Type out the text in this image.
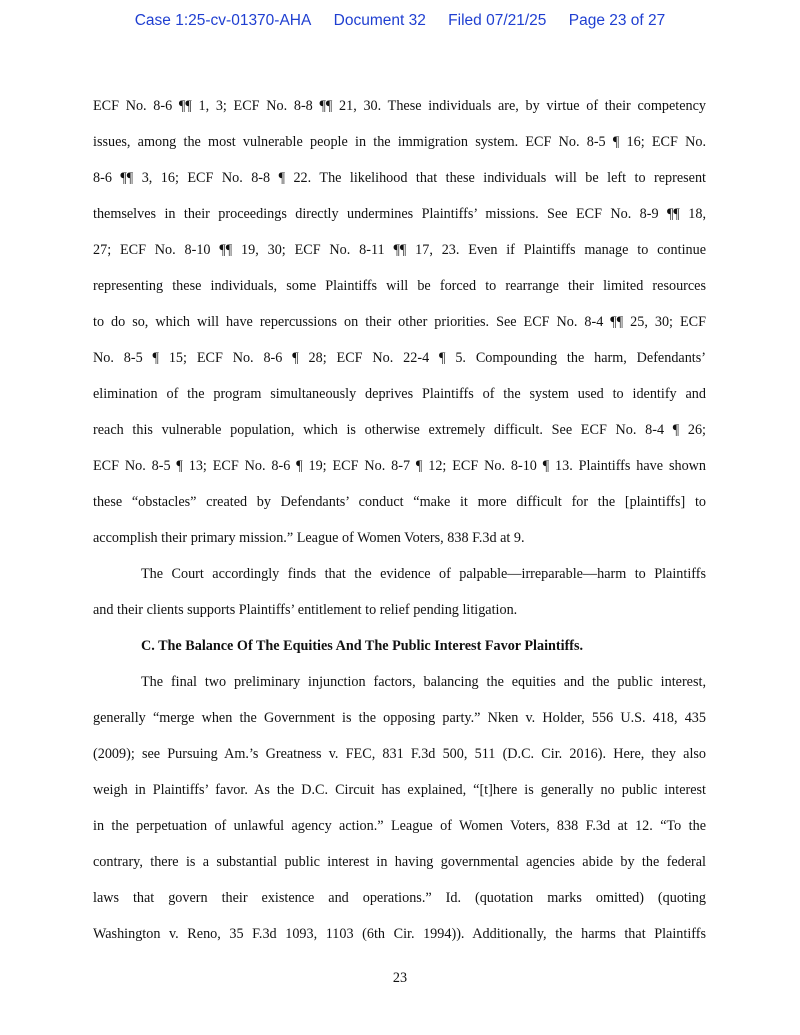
Case 1:25-cv-01370-AHA Document 32 Filed 07/21/25 Page 23 of 27
ECF No. 8-6 ¶¶ 1, 3; ECF No. 8-8 ¶¶ 21, 30. These individuals are, by virtue of their competency
issues, among the most vulnerable people in the immigration system. ECF No. 8-5 ¶ 16; ECF No.
8-6 ¶¶ 3, 16; ECF No. 8-8 ¶ 22. The likelihood that these individuals will be left to represent
themselves in their proceedings directly undermines Plaintiffs’ missions. See ECF No. 8-9 ¶¶ 18,
27; ECF No. 8-10 ¶¶ 19, 30; ECF No. 8-11 ¶¶ 17, 23. Even if Plaintiffs manage to continue
representing these individuals, some Plaintiffs will be forced to rearrange their limited resources
to do so, which will have repercussions on their other priorities. See ECF No. 8-4 ¶¶ 25, 30; ECF
No. 8-5 ¶ 15; ECF No. 8-6 ¶ 28; ECF No. 22-4 ¶ 5. Compounding the harm, Defendants’
elimination of the program simultaneously deprives Plaintiffs of the system used to identify and
reach this vulnerable population, which is otherwise extremely difficult. See ECF No. 8-4 ¶ 26;
ECF No. 8-5 ¶ 13; ECF No. 8-6 ¶ 19; ECF No. 8-7 ¶ 12; ECF No. 8-10 ¶ 13. Plaintiffs have shown
these “obstacles” created by Defendants’ conduct “make it more difficult for the [plaintiffs] to
accomplish their primary mission.” League of Women Voters, 838 F.3d at 9.
The Court accordingly finds that the evidence of palpable—irreparable—harm to Plaintiffs
and their clients supports Plaintiffs’ entitlement to relief pending litigation.
C. The Balance Of The Equities And The Public Interest Favor Plaintiffs.
The final two preliminary injunction factors, balancing the equities and the public interest,
generally “merge when the Government is the opposing party.” Nken v. Holder, 556 U.S. 418, 435
(2009); see Pursuing Am.’s Greatness v. FEC, 831 F.3d 500, 511 (D.C. Cir. 2016). Here, they also
weigh in Plaintiffs’ favor. As the D.C. Circuit has explained, “[t]here is generally no public interest
in the perpetuation of unlawful agency action.” League of Women Voters, 838 F.3d at 12. “To the
contrary, there is a substantial public interest in having governmental agencies abide by the federal
laws that govern their existence and operations.” Id. (quotation marks omitted) (quoting
Washington v. Reno, 35 F.3d 1093, 1103 (6th Cir. 1994)). Additionally, the harms that Plaintiffs
23
